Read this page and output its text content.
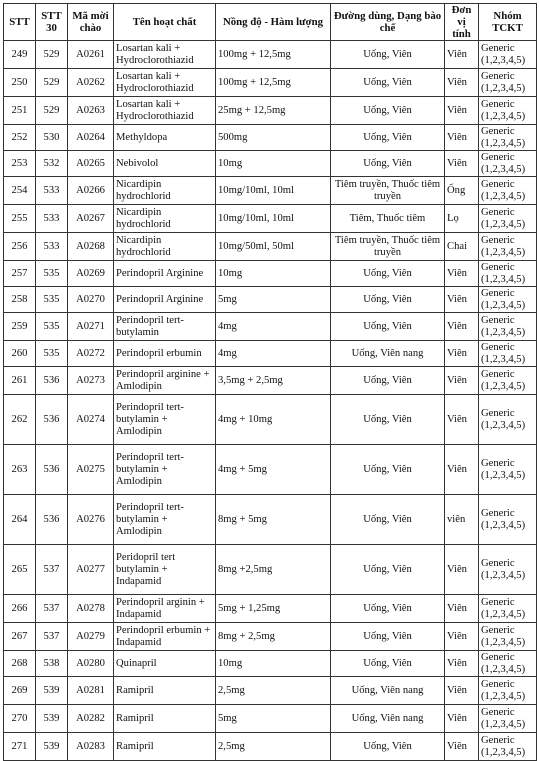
STT	STT 30	Mã mời chào	Tên hoạt chất	Nồng độ - Hàm lượng	Đường dùng, Dạng bào chế	Đơn vị tính	Nhóm TCKT
249	529	A0261	Losartan kali + Hydroclorothiazid	100mg + 12,5mg	Uống, Viên	Viên	Generic (1,2,3,4,5)
250	529	A0262	Losartan kali + Hydroclorothiazid	100mg + 12,5mg	Uống, Viên	Viên	Generic (1,2,3,4,5)
251	529	A0263	Losartan kali + Hydroclorothiazid	25mg + 12,5mg	Uống, Viên	Viên	Generic (1,2,3,4,5)
252	530	A0264	Methyldopa	500mg	Uống, Viên	Viên	Generic (1,2,3,4,5)
253	532	A0265	Nebivolol	10mg	Uống, Viên	Viên	Generic (1,2,3,4,5)
254	533	A0266	Nicardipin hydrochlorid	10mg/10ml, 10ml	Tiêm truyền, Thuốc tiêm truyền	Ống	Generic (1,2,3,4,5)
255	533	A0267	Nicardipin hydrochlorid	10mg/10ml, 10ml	Tiêm, Thuốc tiêm	Lọ	Generic (1,2,3,4,5)
256	533	A0268	Nicardipin hydrochlorid	10mg/50ml, 50ml	Tiêm truyền, Thuốc tiêm truyền	Chai	Generic (1,2,3,4,5)
257	535	A0269	Perindopril Arginine	10mg	Uống, Viên	Viên	Generic (1,2,3,4,5)
258	535	A0270	Perindopril Arginine	5mg	Uống, Viên	Viên	Generic (1,2,3,4,5)
259	535	A0271	Perindopril tert-butylamin	4mg	Uống, Viên	Viên	Generic (1,2,3,4,5)
260	535	A0272	Perindopril erbumin	4mg	Uống, Viên nang	Viên	Generic (1,2,3,4,5)
261	536	A0273	Perindopril arginine + Amlodipin	3,5mg + 2,5mg	Uống, Viên	Viên	Generic (1,2,3,4,5)
262	536	A0274	Perindopril tert-butylamin + Amlodipin	4mg + 10mg	Uống, Viên	Viên	Generic (1,2,3,4,5)
263	536	A0275	Perindopril tert-butylamin + Amlodipin	4mg + 5mg	Uống, Viên	Viên	Generic (1,2,3,4,5)
264	536	A0276	Perindopril tert-butylamin + Amlodipin	8mg + 5mg	Uống, Viên	viên	Generic (1,2,3,4,5)
265	537	A0277	Peridopril tert butylamin + Indapamid	8mg +2,5mg	Uống, Viên	Viên	Generic (1,2,3,4,5)
266	537	A0278	Perindopril arginin + Indapamid	5mg + 1,25mg	Uống, Viên	Viên	Generic (1,2,3,4,5)
267	537	A0279	Perindopril erbumin + Indapamid	8mg + 2,5mg	Uống, Viên	Viên	Generic (1,2,3,4,5)
268	538	A0280	Quinapril	10mg	Uống, Viên	Viên	Generic (1,2,3,4,5)
269	539	A0281	Ramipril	2,5mg	Uống, Viên nang	Viên	Generic (1,2,3,4,5)
270	539	A0282	Ramipril	5mg	Uống, Viên nang	Viên	Generic (1,2,3,4,5)
271	539	A0283	Ramipril	2,5mg	Uống, Viên	Viên	Generic (1,2,3,4,5)
